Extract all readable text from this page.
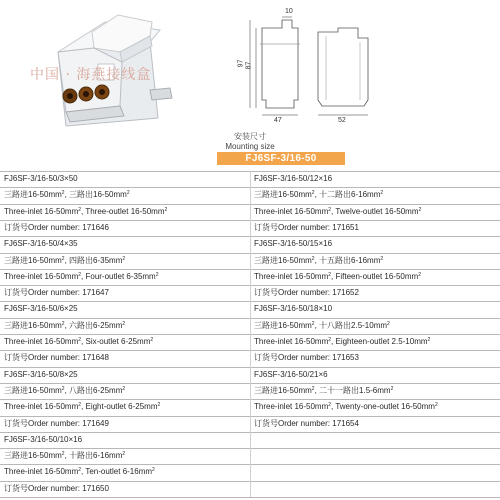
中国 · 海燕接线盒
10
97 87
47	52
安装尺寸
Mounting size
FJ6SF-3/16-50
FJ6SF-3/16-50/3×50	FJ6SF-3/16-50/12×16
三路进$16-50mm^2$, 三路出$16-50mm^2$	三路进$16-50mm^2$, 十二路出$6-16mm^2$
Three-inlet $16-50mm^2$, Three-outlet $16-50mm^2$	Three-inlet $16-50mm^2$, Twelve-outlet $16-50mm^2$
订货号Order number: 171646	订货号Order number: 171651
FJ6SF-3/16-50/4×35	FJ6SF-3/16-50/15×16
三路进$16-50mm^2$, 四路出$6-35mm^2$	三路进$16-50mm^2$, 十五路出$6-16mm^2$
Three-inlet $16-50mm^2$, Four-outlet $6-35mm^2$	Three-inlet $16-50mm^2$, Fifteen-outlet $16-50mm^2$
订货号Order number: 171647	订货号Order number: 171652
FJ6SF-3/16-50/6×25	FJ6SF-3/16-50/18×10
三路进$16-50mm^2$, 六路出$6-25mm^2$	三路进$16-50mm^2$, 十八路出$2.5-10mm^2$
Three-inlet $16-50mm^2$, Six-outlet $6-25mm^2$	Three-inlet $16-50mm^2$, Eighteen-outlet $2.5-10mm^2$
订货号Order number: 171648	订货号Order number: 171653
FJ6SF-3/16-50/8×25	FJ6SF-3/16-50/21×6
三路进$16-50mm^2$, 八路出$6-25mm^2$	三路进$16-50mm^2$, 二十一路出$1.5-6mm^2$
Three-inlet $16-50mm^2$, Eight-outlet $6-25mm^2$	Three-inlet $16-50mm^2$, Twenty-one-outlet $16-50mm^2$
订货号Order number: 171649	订货号Order number: 171654
FJ6SF-3/16-50/10×16
三路进$16-50mm^2$, 十路出$6-16mm^2$
Three-inlet $16-50mm^2$, Ten-outlet $6-16mm^2$
订货号Order number: 171650
